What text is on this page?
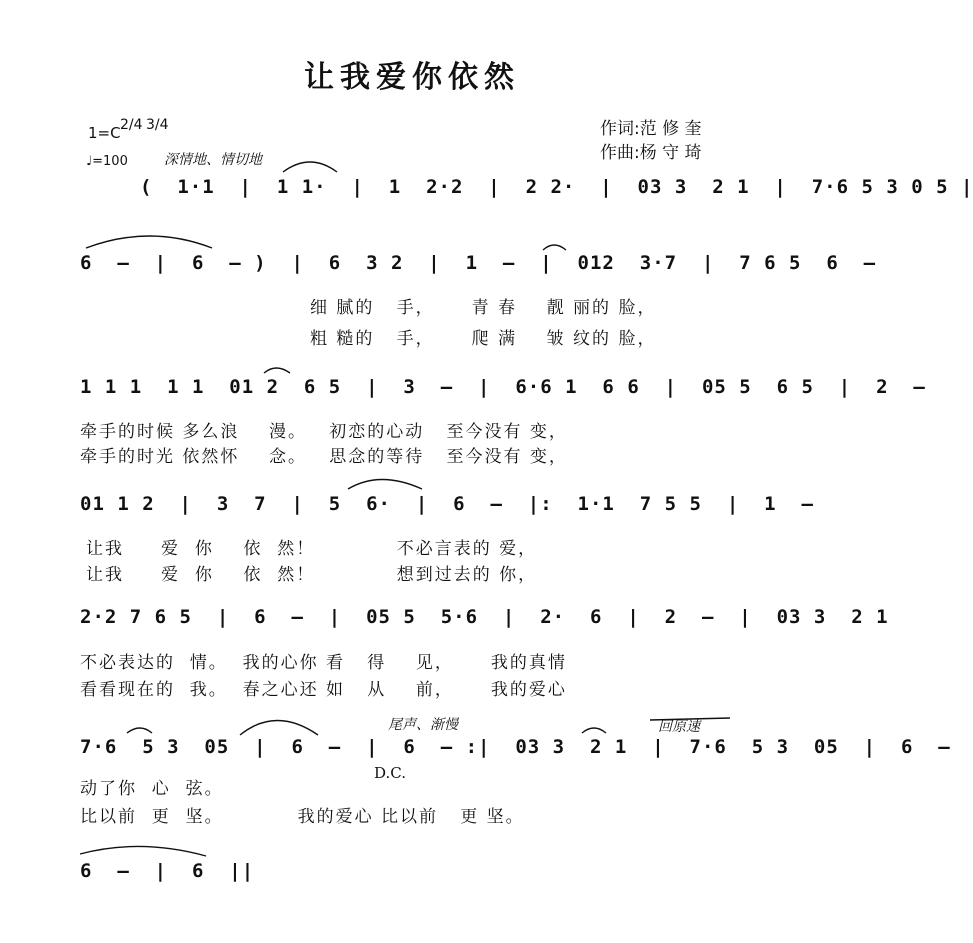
让我爱你依然
作词:范 修 奎
作曲:杨 守 琦
1=C 2/4 3/4
♩=100	深情地、情切地
(  1·1  |  1 1·  |  1  2·2  |  2 2·  |  03 3  2 1  |  7·6 5 3 0 5 |
6  –  |  6  – )  |  6  3 2  |  1  –  |  012  3·7  |  7 6 5  6  –
细 腻的   手，     青 春    靓 丽的 脸，
粗 糙的   手，     爬 满    皱 纹的 脸，
1 1 1  1 1  01 2  6 5  |  3  –  |  6·6 1  6 6  |  05 5  6 5  |  2  –
牵手的时候 多么浪    漫。   初恋的心动   至今没有 变，
牵手的时光 依然怀    念。   思念的等待   至今没有 变，
01 1 2  |  3  7  |  5  6·  |  6  –  |:  1·1  7 5 5  |  1  –
让我     爱  你    依  然！           不必言表的 爱，
让我     爱  你    依  然！           想到过去的 你，
2·2 7 6 5  |  6  –  |  05 5  5·6  |  2·  6  |  2  –  |  03 3  2 1
不必表达的  情。  我的心你 看   得    见，     我的真情
看看现在的  我。  春之心还 如   从    前，     我的爱心
尾声、渐慢	回原速
7·6  5 3  05  |  6  –  |  6  – :|  03 3  2 1  |  7·6  5 3  05  |  6  –
D.C.
动了你  心  弦。
比以前  更  坚。          我的爱心 比以前   更 坚。
6  –  |  6  ||
